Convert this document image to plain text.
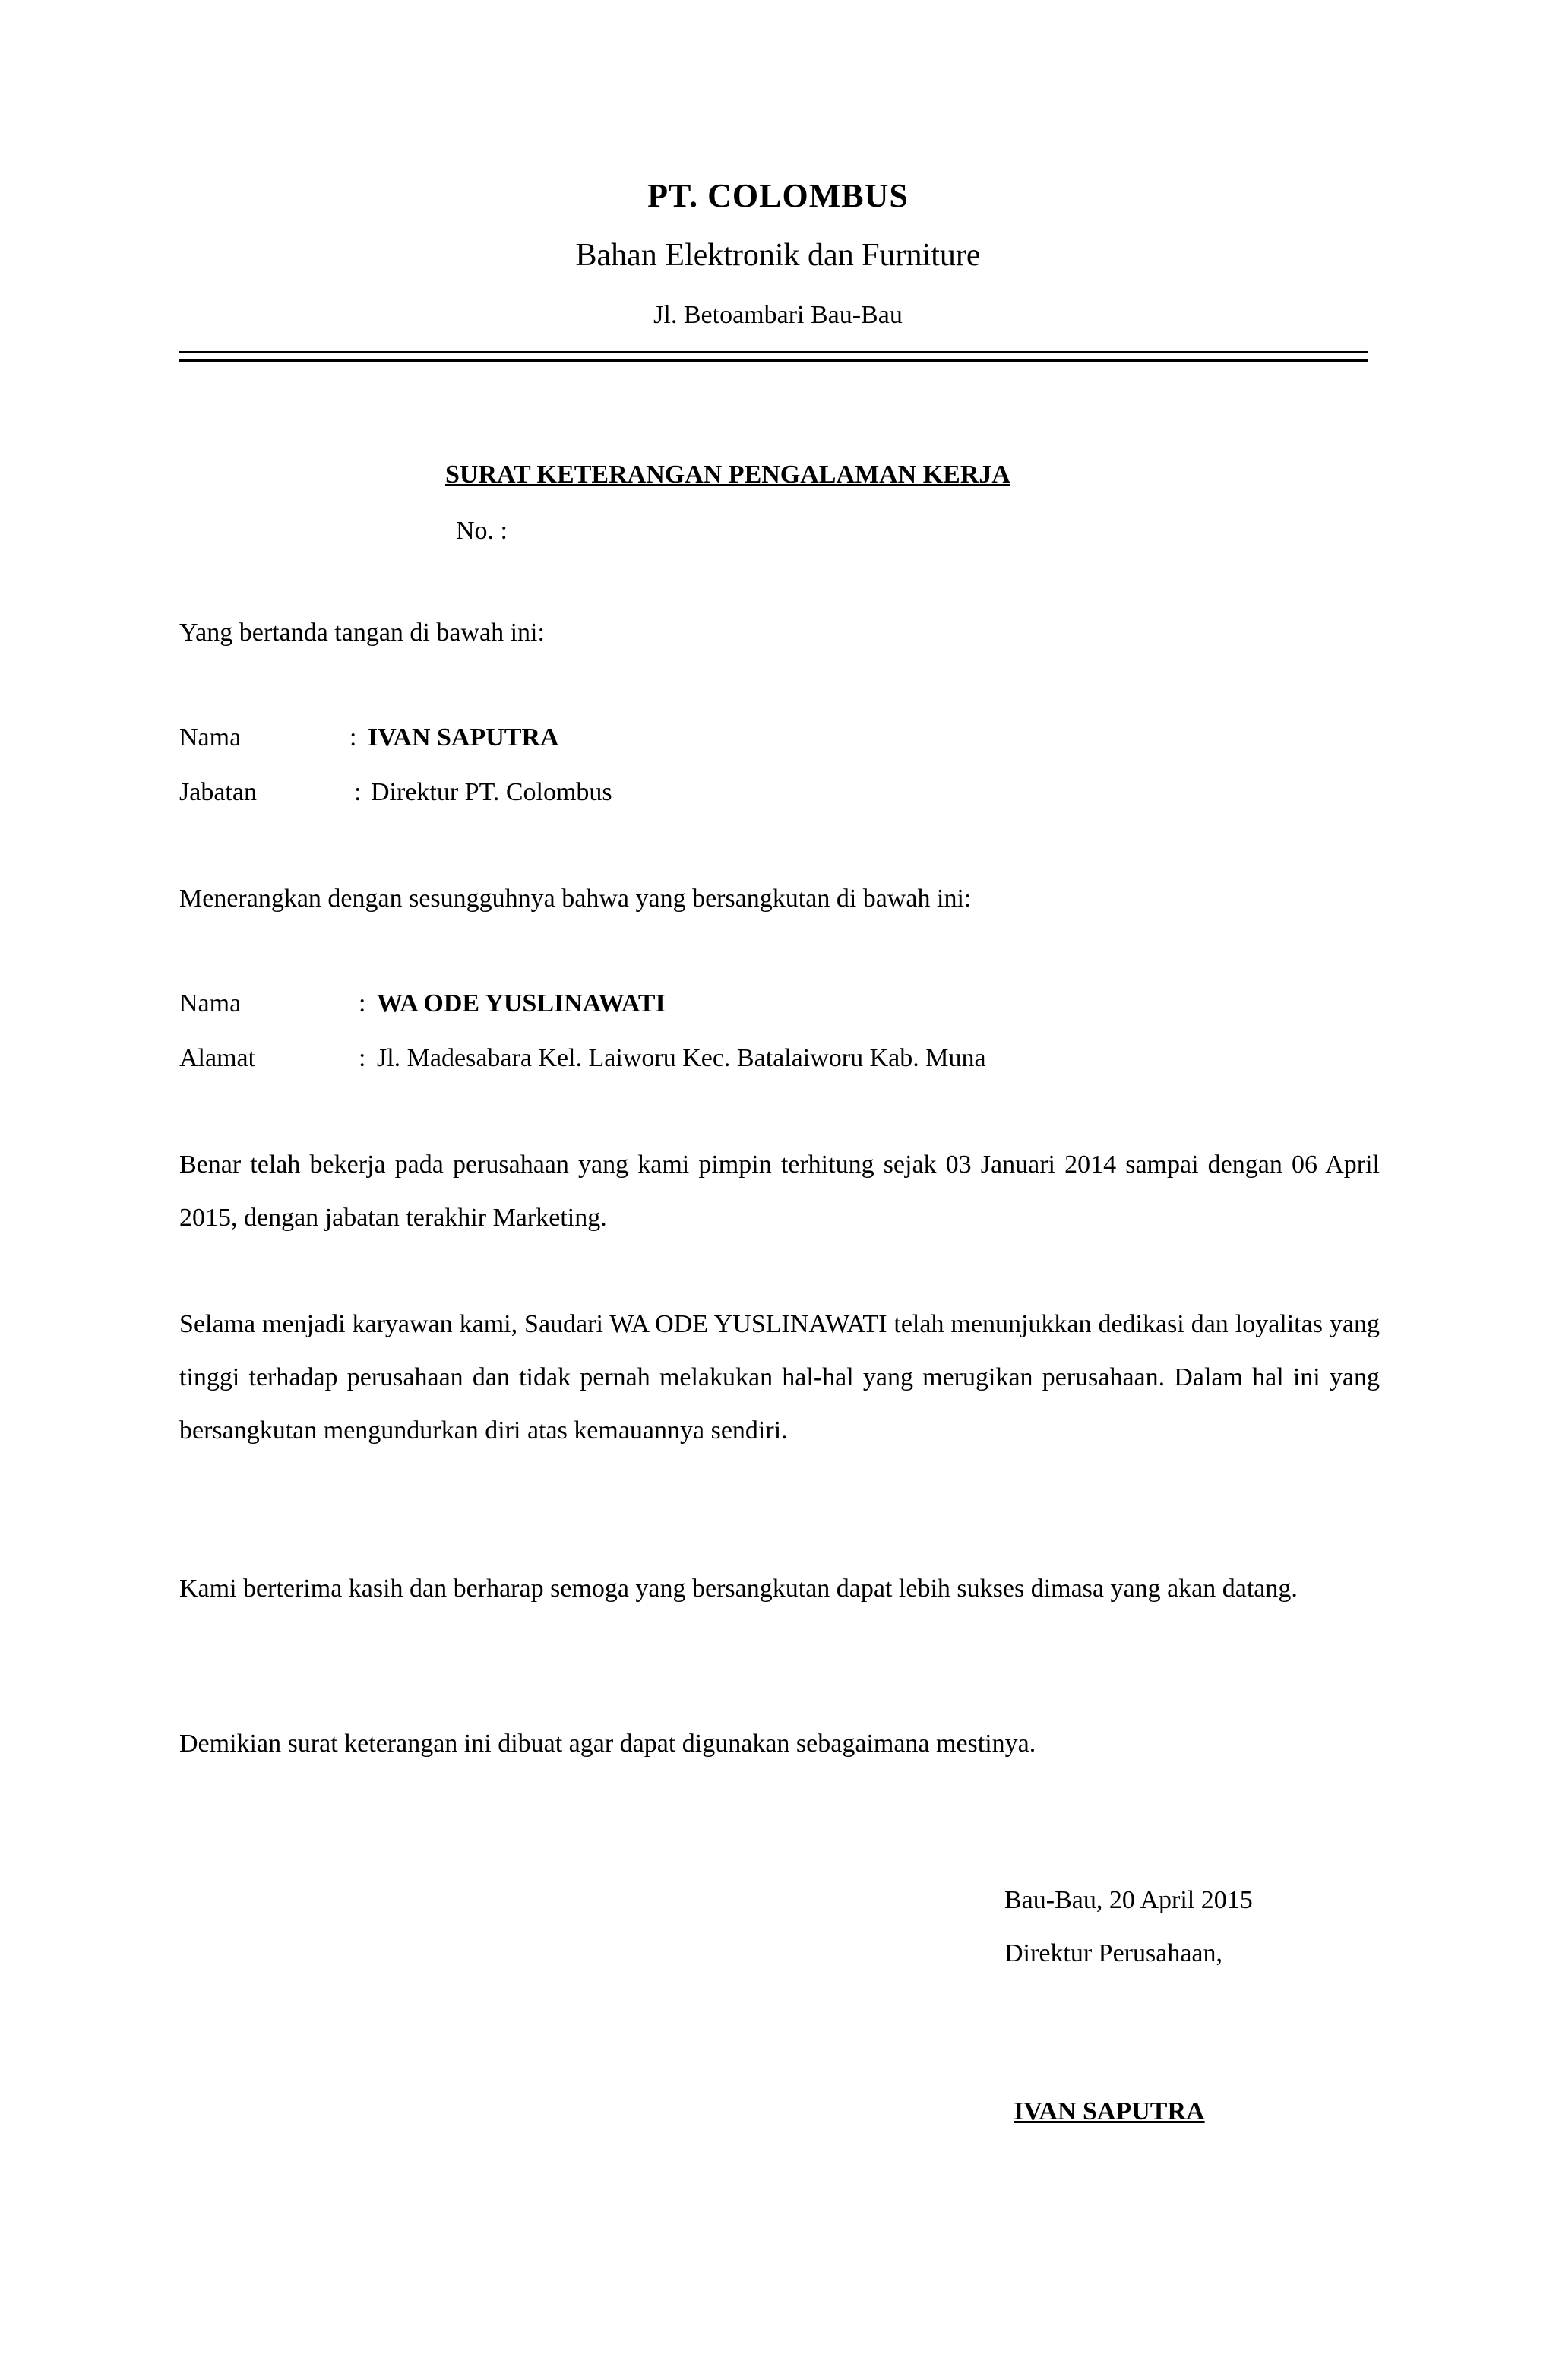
PT. COLOMBUS
Bahan Elektronik dan Furniture
Jl. Betoambari Bau-Bau
SURAT KETERANGAN PENGALAMAN KERJA
No. :
Yang bertanda tangan di bawah ini:
Nama	: IVAN SAPUTRA
Jabatan	: Direktur PT. Colombus
Menerangkan dengan sesungguhnya bahwa yang bersangkutan di bawah ini:
Nama	: WA ODE YUSLINAWATI
Alamat	: Jl. Madesabara Kel. Laiworu Kec. Batalaiworu Kab. Muna
Benar telah bekerja pada perusahaan yang kami pimpin terhitung sejak 03 Januari 2014 sampai dengan 06 April 2015, dengan jabatan terakhir Marketing.
Selama menjadi karyawan kami, Saudari WA ODE YUSLINAWATI telah menunjukkan dedikasi dan loyalitas yang tinggi terhadap perusahaan dan tidak pernah melakukan hal-hal yang merugikan perusahaan. Dalam hal ini yang bersangkutan mengundurkan diri atas kemauannya sendiri.
Kami berterima kasih dan berharap semoga yang bersangkutan dapat lebih sukses dimasa yang akan datang.
Demikian surat keterangan ini dibuat agar dapat digunakan sebagaimana mestinya.
Bau-Bau, 20 April 2015
Direktur Perusahaan,
IVAN SAPUTRA
